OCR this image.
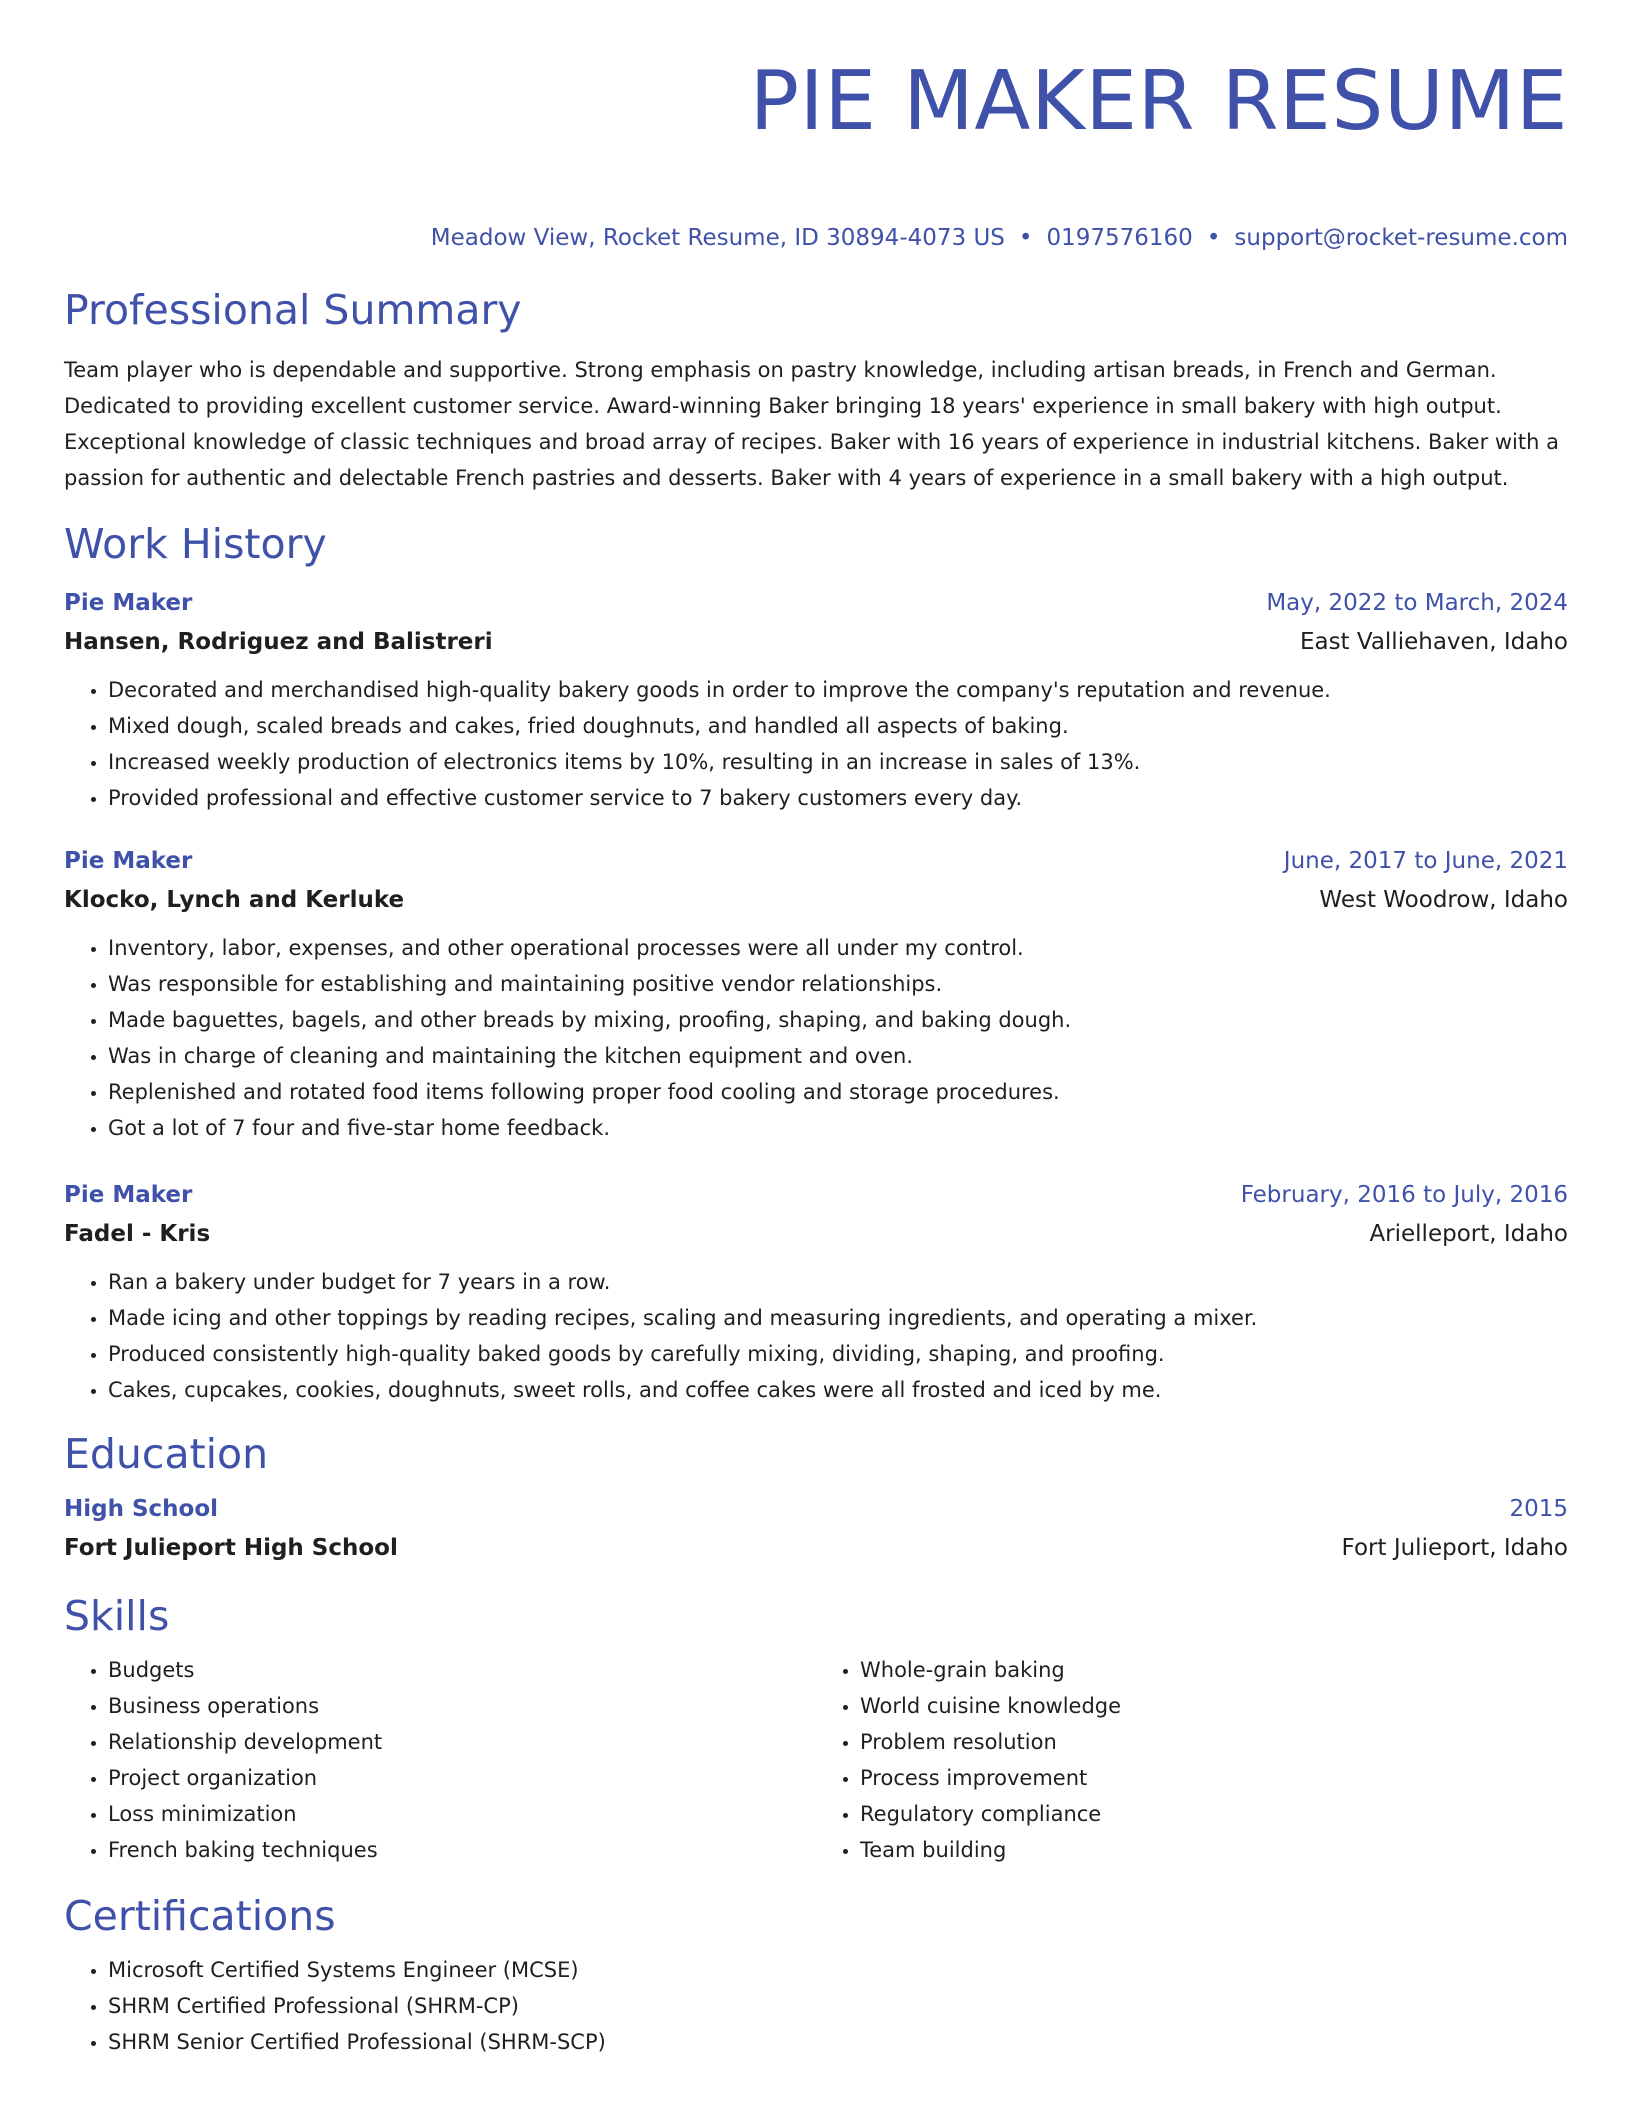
PIE MAKER RESUME
Meadow View, Rocket Resume, ID 30894-4073 US • 0197576160 • support@rocket-resume.com
Professional Summary

Team player who is dependable and supportive. Strong emphasis on pastry knowledge, including artisan breads, in French and German. Dedicated to providing excellent customer service. Award-winning Baker bringing 18 years' experience in small bakery with high output. Exceptional knowledge of classic techniques and broad array of recipes. Baker with 16 years of experience in industrial kitchens. Baker with a passion for authentic and delectable French pastries and desserts. Baker with 4 years of experience in a small bakery with a high output.

Work History
Pie Maker	May, 2022 to March, 2024
Hansen, Rodriguez and Balistreri	East Valliehaven, Idaho
• Decorated and merchandised high-quality bakery goods in order to improve the company's reputation and revenue.
• Mixed dough, scaled breads and cakes, fried doughnuts, and handled all aspects of baking.
• Increased weekly production of electronics items by 10%, resulting in an increase in sales of 13%.
• Provided professional and effective customer service to 7 bakery customers every day.
Pie Maker	June, 2017 to June, 2021
Klocko, Lynch and Kerluke	West Woodrow, Idaho
• Inventory, labor, expenses, and other operational processes were all under my control.
• Was responsible for establishing and maintaining positive vendor relationships.
• Made baguettes, bagels, and other breads by mixing, proofing, shaping, and baking dough.
• Was in charge of cleaning and maintaining the kitchen equipment and oven.
• Replenished and rotated food items following proper food cooling and storage procedures.
• Got a lot of 7 four and five-star home feedback.
Pie Maker	February, 2016 to July, 2016
Fadel - Kris	Arielleport, Idaho
• Ran a bakery under budget for 7 years in a row.
• Made icing and other toppings by reading recipes, scaling and measuring ingredients, and operating a mixer.
• Produced consistently high-quality baked goods by carefully mixing, dividing, shaping, and proofing.
• Cakes, cupcakes, cookies, doughnuts, sweet rolls, and coffee cakes were all frosted and iced by me.
Education
High School	2015
Fort Julieport High School	Fort Julieport, Idaho
Skills
• Budgets
• Business operations
• Relationship development
• Project organization
• Loss minimization
• French baking techniques
• Whole-grain baking
• World cuisine knowledge
• Problem resolution
• Process improvement
• Regulatory compliance
• Team building
Certifications
• Microsoft Certified Systems Engineer (MCSE)
• SHRM Certified Professional (SHRM-CP)
• SHRM Senior Certified Professional (SHRM-SCP)
